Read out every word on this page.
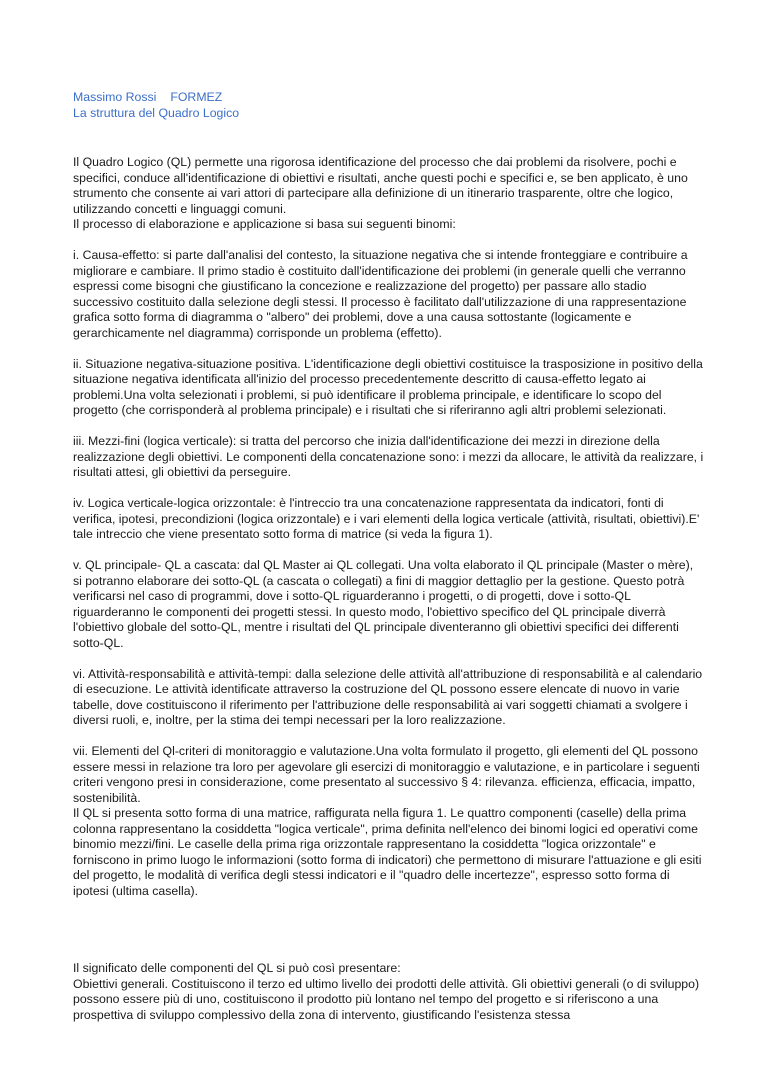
Massimo Rossi FORMEZ
La struttura del Quadro Logico

Il Quadro Logico (QL) permette una rigorosa identificazione del processo che dai problemi da risolvere, pochi e specifici, conduce all'identificazione di obiettivi e risultati, anche questi pochi e specifici e, se ben applicato, è uno strumento che consente ai vari attori di partecipare alla definizione di un itinerario trasparente, oltre che logico, utilizzando concetti e linguaggi comuni.

Il processo di elaborazione e applicazione si basa sui seguenti binomi:

i. Causa-effetto: si parte dall'analisi del contesto, la situazione negativa che si intende fronteggiare e contribuire a migliorare e cambiare. Il primo stadio è costituito dall'identificazione dei problemi (in generale quelli che verranno espressi come bisogni che giustificano la concezione e realizzazione del progetto) per passare allo stadio successivo costituito dalla selezione degli stessi. Il processo è facilitato dall'utilizzazione di una rappresentazione grafica sotto forma di diagramma o "albero" dei problemi, dove a una causa sottostante (logicamente e gerarchicamente nel diagramma) corrisponde un problema (effetto).

ii. Situazione negativa-situazione positiva. L'identificazione degli obiettivi costituisce la trasposizione in positivo della situazione negativa identificata all'inizio del processo precedentemente descritto di causa-effetto legato ai problemi.Una volta selezionati i problemi, si può identificare il problema principale, e identificare lo scopo del progetto (che corrisponderà al problema principale) e i risultati che si riferiranno agli altri problemi selezionati.

iii. Mezzi-fini (logica verticale): si tratta del percorso che inizia dall'identificazione dei mezzi in direzione della realizzazione degli obiettivi. Le componenti della concatenazione sono: i mezzi da allocare, le attività da realizzare, i risultati attesi, gli obiettivi da perseguire.

iv. Logica verticale-logica orizzontale: è l'intreccio tra una concatenazione rappresentata da indicatori, fonti di verifica, ipotesi, precondizioni (logica orizzontale) e i vari elementi della logica verticale (attività, risultati, obiettivi).E' tale intreccio che viene presentato sotto forma di matrice (si veda la figura 1).

v. QL principale- QL a cascata: dal QL Master ai QL collegati. Una volta elaborato il QL principale (Master o mère), si potranno elaborare dei sotto-QL (a cascata o collegati) a fini di maggior dettaglio per la gestione. Questo potrà verificarsi nel caso di programmi, dove i sotto-QL riguarderanno i progetti, o di progetti, dove i sotto-QL riguarderanno le componenti dei progetti stessi. In questo modo, l'obiettivo specifico del QL principale diverrà l'obiettivo globale del sotto-QL, mentre i risultati del QL principale diventeranno gli obiettivi specifici dei differenti sotto-QL.

vi. Attività-responsabilità e attività-tempi: dalla selezione delle attività all'attribuzione di responsabilità e al calendario di esecuzione. Le attività identificate attraverso la costruzione del QL possono essere elencate di nuovo in varie tabelle, dove costituiscono il riferimento per l'attribuzione delle responsabilità ai vari soggetti chiamati a svolgere i diversi ruoli, e, inoltre, per la stima dei tempi necessari per la loro realizzazione.

vii. Elementi del Ql-criteri di monitoraggio e valutazione.Una volta formulato il progetto, gli elementi del QL possono essere messi in relazione tra loro per agevolare gli esercizi di monitoraggio e valutazione, e in particolare i seguenti criteri vengono presi in considerazione, come presentato al successivo § 4: rilevanza. efficienza, efficacia, impatto, sostenibilità.

Il QL si presenta sotto forma di una matrice, raffigurata nella figura 1. Le quattro componenti (caselle) della prima colonna rappresentano la cosiddetta "logica verticale", prima definita nell'elenco dei binomi logici ed operativi come binomio mezzi/fini. Le caselle della prima riga orizzontale rappresentano la cosiddetta "logica orizzontale" e forniscono in primo luogo le informazioni (sotto forma di indicatori) che permettono di misurare l'attuazione e gli esiti del progetto, le modalità di verifica degli stessi indicatori e il "quadro delle incertezze", espresso sotto forma di ipotesi (ultima casella).

Il significato delle componenti del QL si può così presentare:

Obiettivi generali. Costituiscono il terzo ed ultimo livello dei prodotti delle attività. Gli obiettivi generali (o di sviluppo) possono essere più di uno, costituiscono il prodotto più lontano nel tempo del progetto e si riferiscono a una prospettiva di sviluppo complessivo della zona di intervento, giustificando l'esistenza stessa
